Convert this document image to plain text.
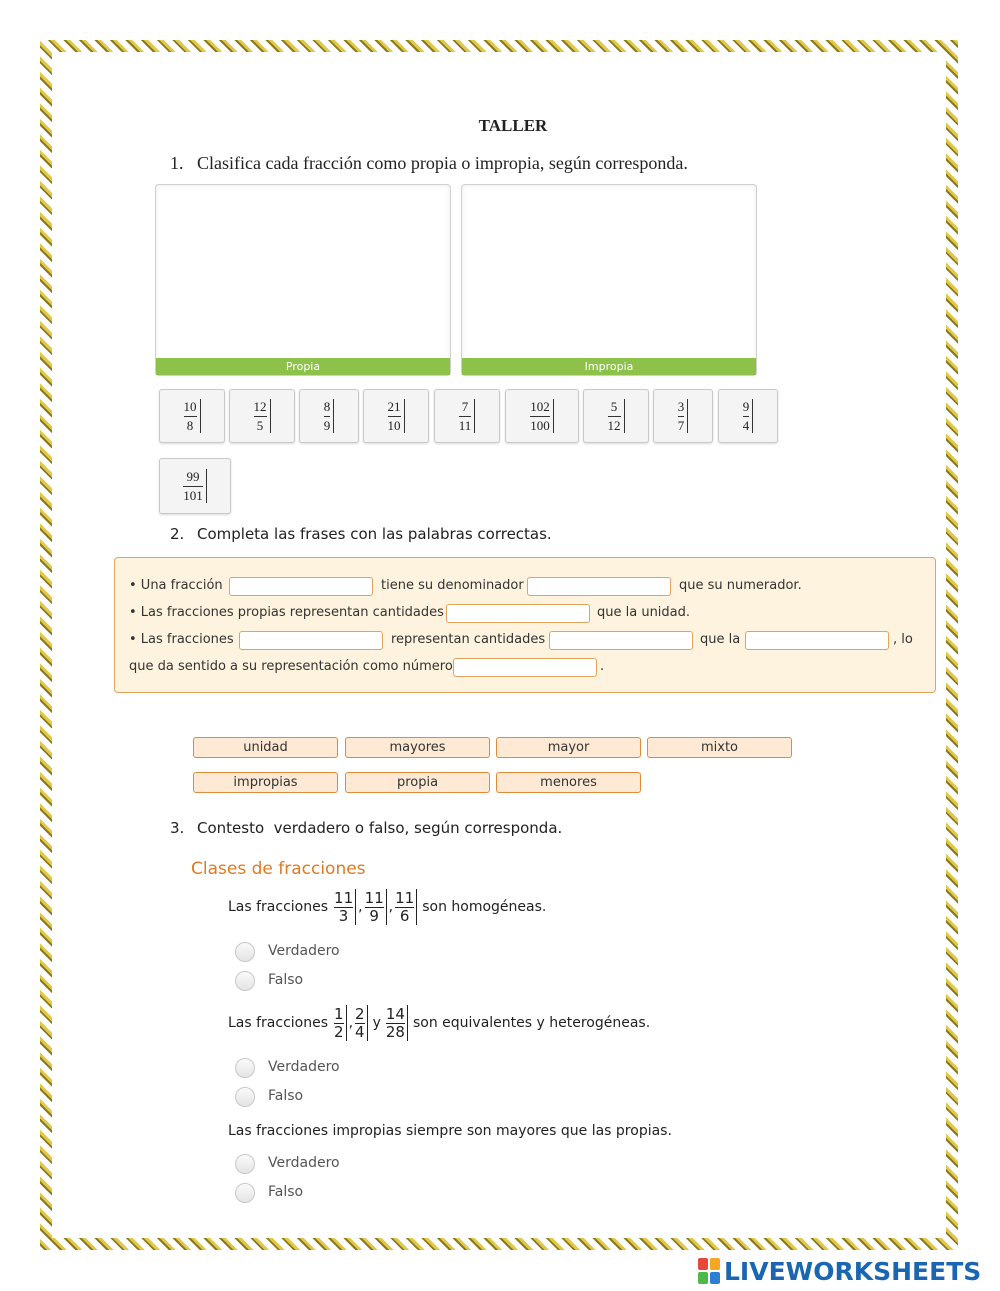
TALLER
1. Clasifica cada fracción como propia o impropia, según corresponda.
Propia	Impropia
10
8
12
5
8
9
21
10
7
11
102
100
5
12
3
7
9
4
99
101
2. Completa las frases con las palabras correctas.
• Una fracción	tiene su denominador	que su numerador.
• Las fracciones propias representan cantidades	que la unidad.
• Las fracciones	representan cantidades	que la	, lo
que da sentido a su representación como número	.
unidad	mayores	mayor	mixto
impropias	propia	menores
3. Contesto  verdadero o falso, según corresponda.
Clases de fracciones
Las fracciones
11
3 ,
11
9 ,
11
6 son homogéneas.
Verdadero
Falso
Las fracciones
1
2 ,
2
4 y
14
28 son equivalentes y heterogéneas.
Verdadero
Falso
Las fracciones impropias siempre son mayores que las propias.
Verdadero
Falso
LIVEWORKSHEETS
